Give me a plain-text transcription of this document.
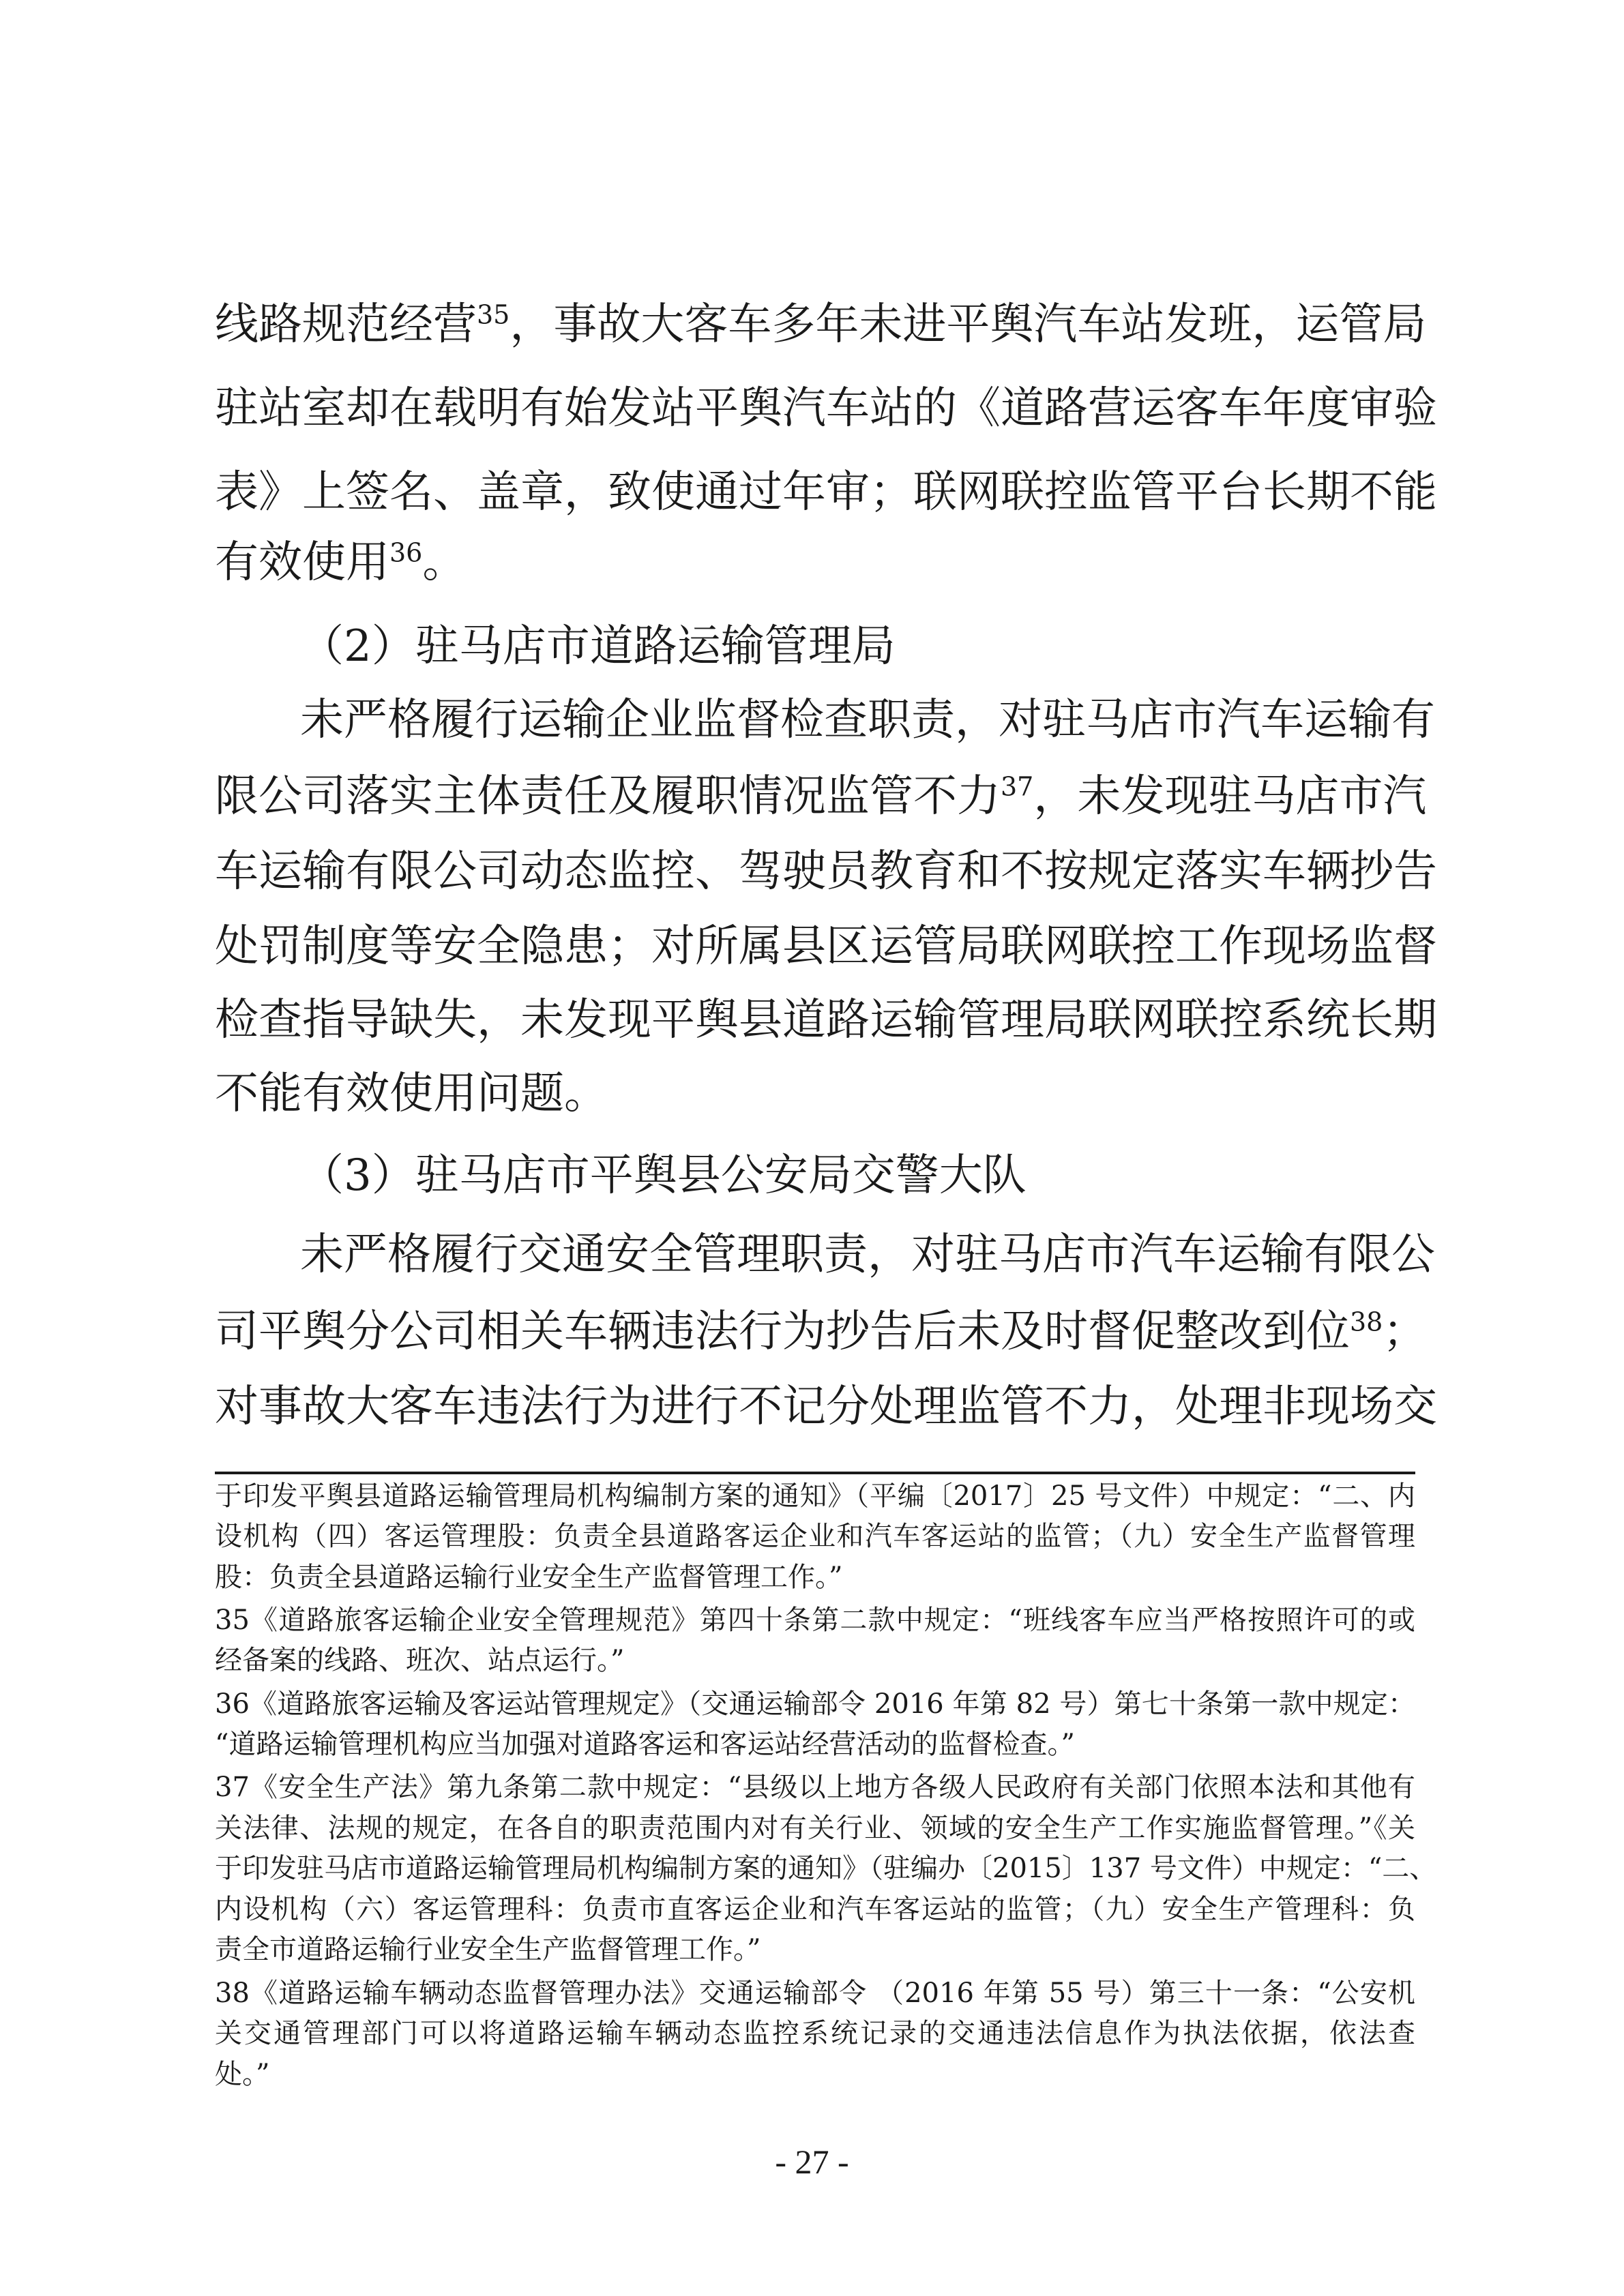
线路规范经营$^{35}$，事故大客车多年未进平舆汽车站发班，运管局
驻站室却在载明有始发站平舆汽车站的《道路营运客车年度审验
表》上签名、盖章，致使通过年审；联网联控监管平台长期不能
有效使用$^{36}$。
（2）驻马店市道路运输管理局
未严格履行运输企业监督检查职责，对驻马店市汽车运输有
限公司落实主体责任及履职情况监管不力$^{37}$，未发现驻马店市汽
车运输有限公司动态监控、驾驶员教育和不按规定落实车辆抄告
处罚制度等安全隐患；对所属县区运管局联网联控工作现场监督
检查指导缺失，未发现平舆县道路运输管理局联网联控系统长期
不能有效使用问题。
（3）驻马店市平舆县公安局交警大队
未严格履行交通安全管理职责，对驻马店市汽车运输有限公
司平舆分公司相关车辆违法行为抄告后未及时督促整改到位$^{38}$；
对事故大客车违法行为进行不记分处理监管不力，处理非现场交
于印发平舆县道路运输管理局机构编制方案的通知》（平编〔2017〕25 号文件）中规定：“二、内
设机构（四）客运管理股：负责全县道路客运企业和汽车客运站的监管；（九）安全生产监督管理
股：负责全县道路运输行业安全生产监督管理工作。”
35《道路旅客运输企业安全管理规范》第四十条第二款中规定：“班线客车应当严格按照许可的或
经备案的线路、班次、站点运行。”
36《道路旅客运输及客运站管理规定》（交通运输部令 2016 年第 82 号）第七十条第一款中规定：
“道路运输管理机构应当加强对道路客运和客运站经营活动的监督检查。”
37《安全生产法》第九条第二款中规定：“县级以上地方各级人民政府有关部门依照本法和其他有
关法律、法规的规定，在各自的职责范围内对有关行业、领域的安全生产工作实施监督管理。”《关
于印发驻马店市道路运输管理局机构编制方案的通知》（驻编办〔2015〕137 号文件）中规定：“二、
内设机构（六）客运管理科：负责市直客运企业和汽车客运站的监管；（九）安全生产管理科：负
责全市道路运输行业安全生产监督管理工作。”
38《道路运输车辆动态监督管理办法》交通运输部令 （2016 年第 55 号）第三十一条：“公安机
关交通管理部门可以将道路运输车辆动态监控系统记录的交通违法信息作为执法依据，依法查
处。”
- 27 -
